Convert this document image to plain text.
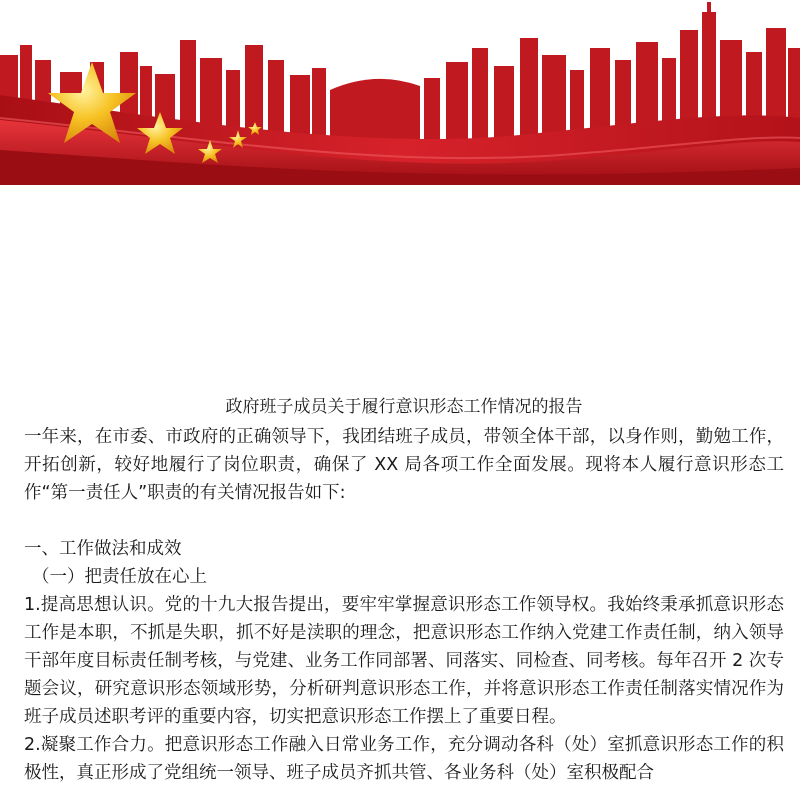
政府班子成员关于履行意识形态工作情况的报告

一年来，在市委、市政府的正确领导下，我团结班子成员，带领全体干部，以身作则，勤勉工作，开拓创新，较好地履行了岗位职责，确保了 XX 局各项工作全面发展。现将本人履行意识形态工作“第一责任人”职责的有关情况报告如下:

一、工作做法和成效

（一）把责任放在心上

1.提高思想认识。党的十九大报告提出，要牢牢掌握意识形态工作领导权。我始终秉承抓意识形态工作是本职，不抓是失职，抓不好是渎职的理念，把意识形态工作纳入党建工作责任制，纳入领导干部年度目标责任制考核，与党建、业务工作同部署、同落实、同检查、同考核。每年召开 2 次专题会议，研究意识形态领域形势，分析研判意识形态工作，并将意识形态工作责任制落实情况作为班子成员述职考评的重要内容，切实把意识形态工作摆上了重要日程。

2.凝聚工作合力。把意识形态工作融入日常业务工作，充分调动各科（处）室抓意识形态工作的积极性，真正形成了党组统一领导、班子成员齐抓共管、各业务科（处）室积极配合
